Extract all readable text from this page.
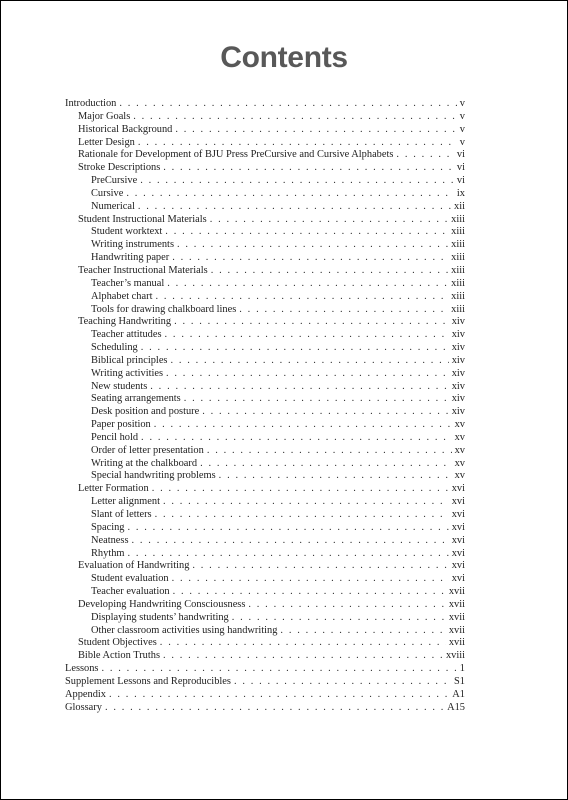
Contents
Introduction . . .	v
Major Goals . . .	v
Historical Background . . .	v
Letter Design . . .	v
Rationale for Development of BJU Press PreCursive and Cursive Alphabets . . .	vi
Stroke Descriptions . . .	vi
PreCursive . . .	vi
Cursive . . .	ix
Numerical . . .	xii
Student Instructional Materials . . .	xiii
Student worktext . . .	xiii
Writing instruments . . .	xiii
Handwriting paper . . .	xiii
Teacher Instructional Materials . . .	xiii
Teacher’s manual . . .	xiii
Alphabet chart . . .	xiii
Tools for drawing chalkboard lines . . .	xiii
Teaching Handwriting . . .	xiv
Teacher attitudes . . .	xiv
Scheduling . . .	xiv
Biblical principles . . .	xiv
Writing activities . . .	xiv
New students . . .	xiv
Seating arrangements . . .	xiv
Desk position and posture . . .	xiv
Paper position . . .	xv
Pencil hold . . .	xv
Order of letter presentation . . .	xv
Writing at the chalkboard . . .	xv
Special handwriting problems . . .	xv
Letter Formation . . .	xvi
Letter alignment . . .	xvi
Slant of letters . . .	xvi
Spacing . . .	xvi
Neatness . . .	xvi
Rhythm . . .	xvi
Evaluation of Handwriting . . .	xvi
Student evaluation . . .	xvi
Teacher evaluation . . .	xvii
Developing Handwriting Consciousness . . .	xvii
Displaying students’ handwriting . . .	xvii
Other classroom activities using handwriting . . .	xvii
Student Objectives . . .	xvii
Bible Action Truths . . .	xviii
Lessons . . .	1
Supplement Lessons and Reproducibles . . .	S1
Appendix . . .	A1
Glossary . . .	A15
